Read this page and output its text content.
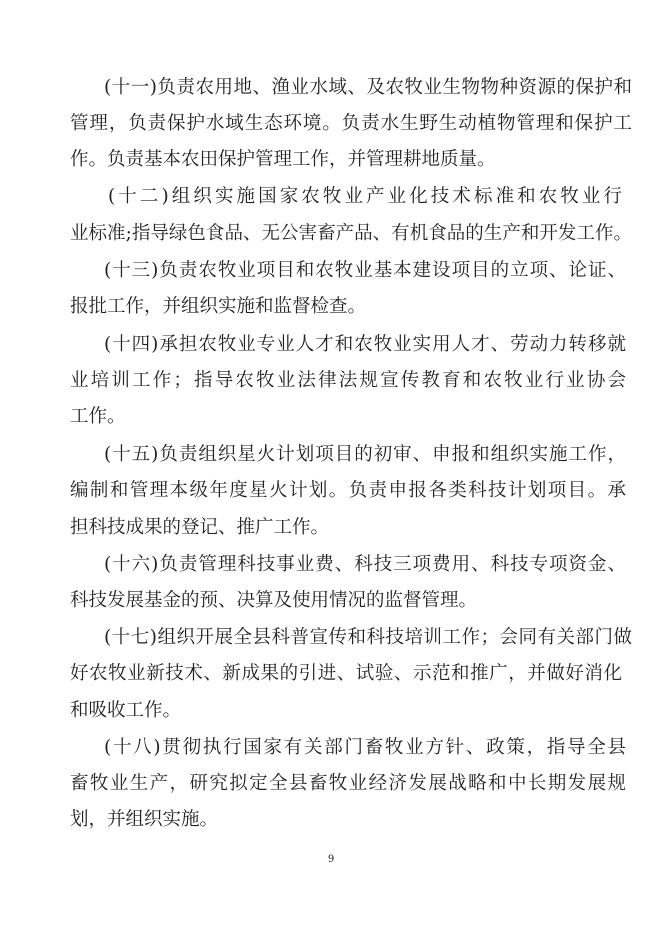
(十一)负责农用地、渔业水域、及农牧业生物物种资源的保护和
管理，负责保护水域生态环境。负责水生野生动植物管理和保护工
作。负责基本农田保护管理工作，并管理耕地质量。
(十二)组织实施国家农牧业产业化技术标准和农牧业行
业标准;指导绿色食品、无公害畜产品、有机食品的生产和开发工作。
(十三)负责农牧业项目和农牧业基本建设项目的立项、论证、
报批工作，并组织实施和监督检查。
(十四)承担农牧业专业人才和农牧业实用人才、劳动力转移就
业培训工作；指导农牧业法律法规宣传教育和农牧业行业协会
工作。
(十五)负责组织星火计划项目的初审、申报和组织实施工作，
编制和管理本级年度星火计划。负责申报各类科技计划项目。承
担科技成果的登记、推广工作。
(十六)负责管理科技事业费、科技三项费用、科技专项资金、
科技发展基金的预、决算及使用情况的监督管理。
(十七)组织开展全县科普宣传和科技培训工作；会同有关部门做
好农牧业新技术、新成果的引进、试验、示范和推广，并做好消化
和吸收工作。
(十八)贯彻执行国家有关部门畜牧业方针、政策，指导全县
畜牧业生产，研究拟定全县畜牧业经济发展战略和中长期发展规
划，并组织实施。
9
